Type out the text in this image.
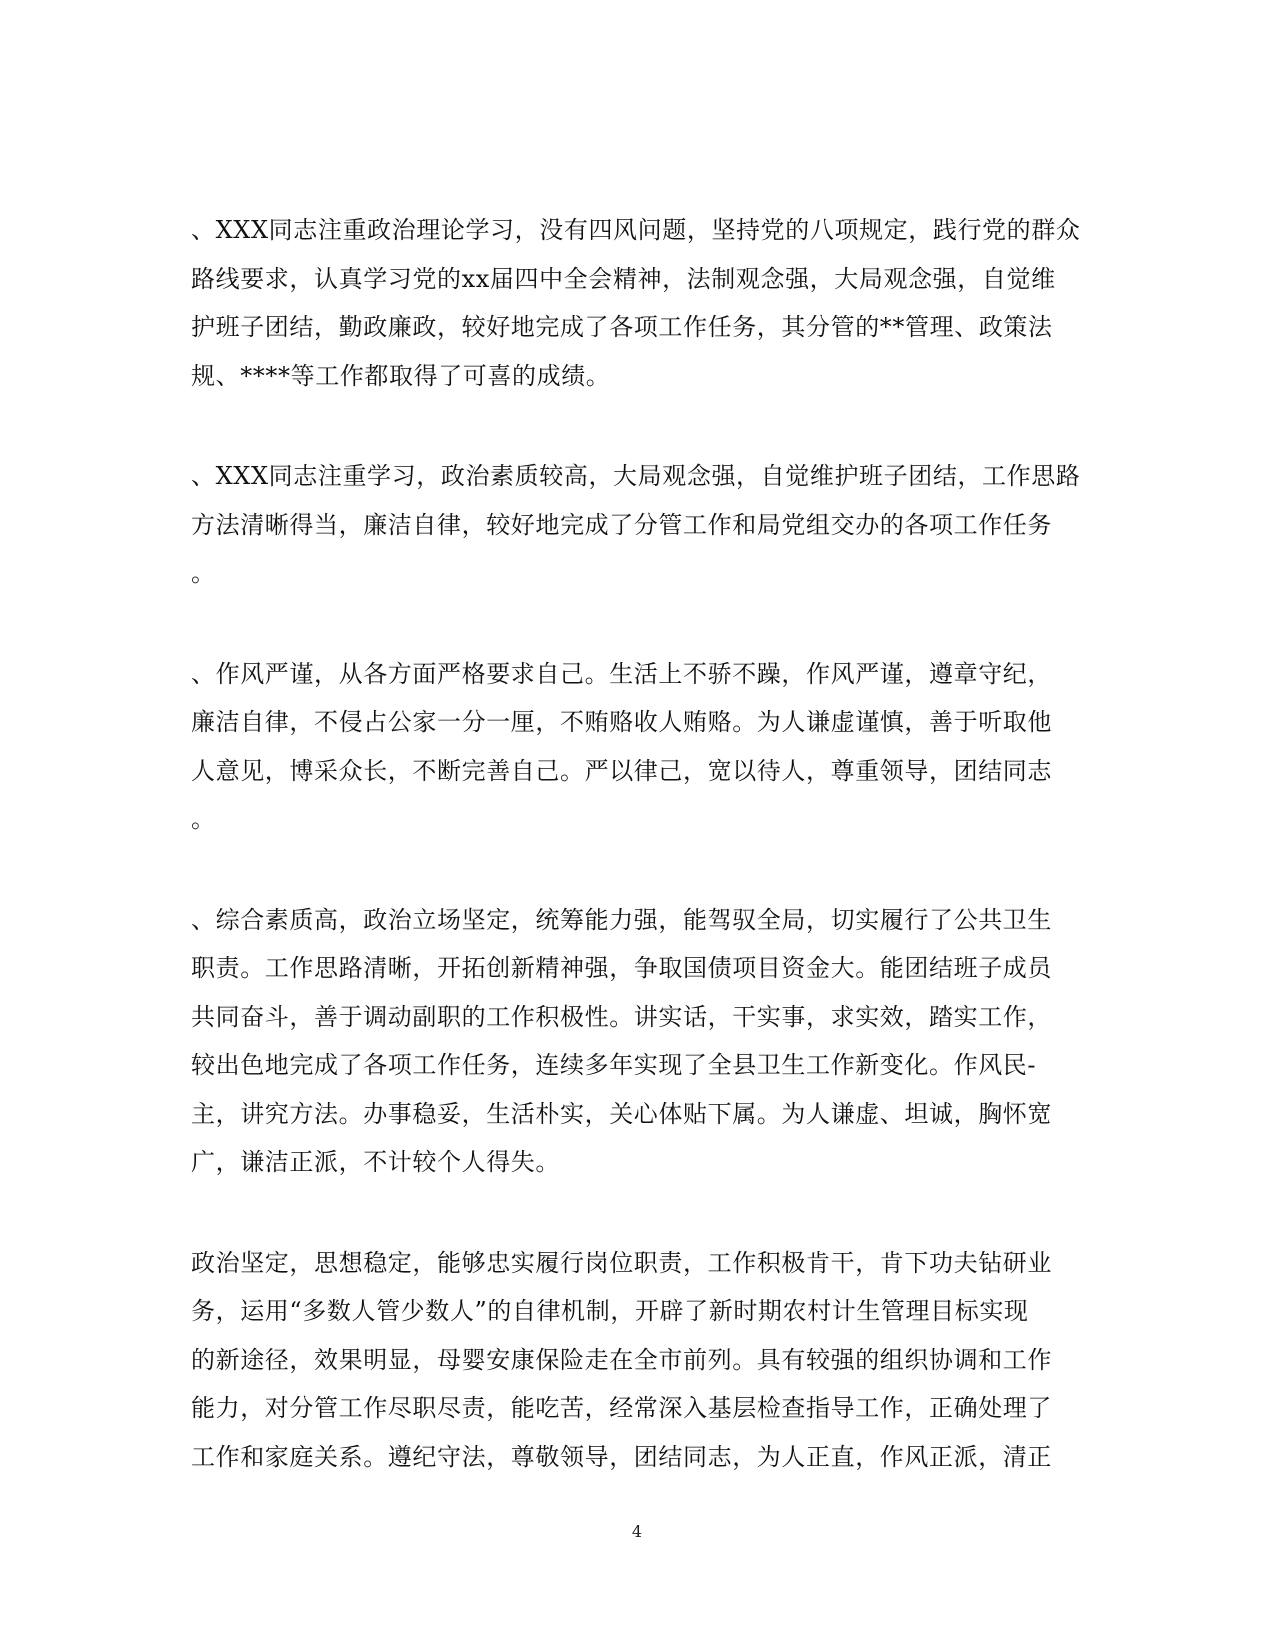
、XXX同志注重政治理论学习，没有四风问题，坚持党的八项规定，践行党的群众
路线要求，认真学习党的xx届四中全会精神，法制观念强，大局观念强，自觉维
护班子团结，勤政廉政，较好地完成了各项工作任务，其分管的**管理、政策法
规、****等工作都取得了可喜的成绩。

、XXX同志注重学习，政治素质较高，大局观念强，自觉维护班子团结，工作思路
方法清晰得当，廉洁自律，较好地完成了分管工作和局党组交办的各项工作任务
。

、作风严谨，从各方面严格要求自己。生活上不骄不躁，作风严谨，遵章守纪，
廉洁自律，不侵占公家一分一厘，不贿赂收人贿赂。为人谦虚谨慎，善于听取他
人意见，博采众长，不断完善自己。严以律己，宽以待人，尊重领导，团结同志
。

、综合素质高，政治立场坚定，统筹能力强，能驾驭全局，切实履行了公共卫生
职责。工作思路清晰，开拓创新精神强，争取国债项目资金大。能团结班子成员
共同奋斗，善于调动副职的工作积极性。讲实话，干实事，求实效，踏实工作，
较出色地完成了各项工作任务，连续多年实现了全县卫生工作新变化。作风民-
主，讲究方法。办事稳妥，生活朴实，关心体贴下属。为人谦虚、坦诚，胸怀宽
广，谦洁正派，不计较个人得失。

政治坚定，思想稳定，能够忠实履行岗位职责，工作积极肯干，肯下功夫钻研业
务，运用“多数人管少数人”的自律机制，开辟了新时期农村计生管理目标实现
的新途径，效果明显，母婴安康保险走在全市前列。具有较强的组织协调和工作
能力，对分管工作尽职尽责，能吃苦，经常深入基层检查指导工作，正确处理了
工作和家庭关系。遵纪守法，尊敬领导，团结同志，为人正直，作风正派，清正

4
